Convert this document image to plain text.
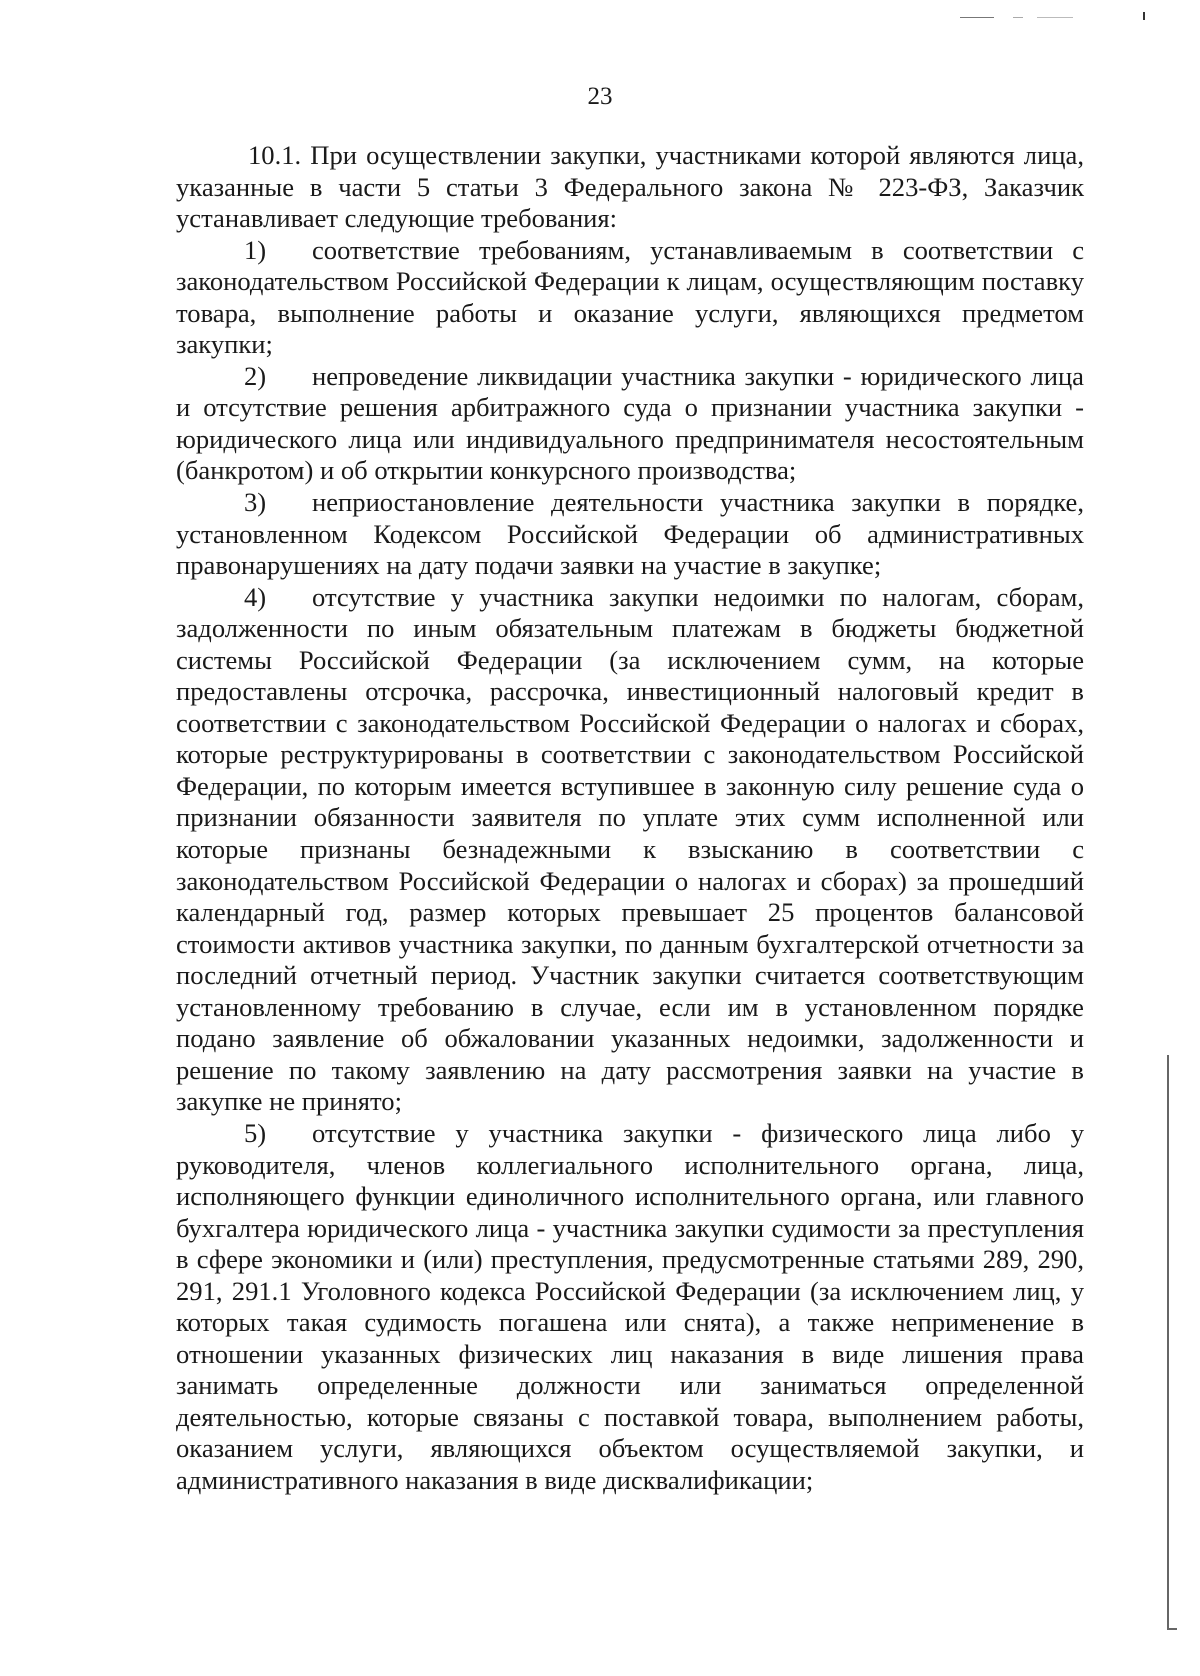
23

10.1. При осуществлении закупки, участниками которой являются лица, указанные в части 5 статьи 3 Федерального закона № 223-ФЗ, Заказчик устанавливает следующие требования:

1) соответствие требованиям, устанавливаемым в соответствии с законодательством Российской Федерации к лицам, осуществляющим поставку товара, выполнение работы и оказание услуги, являющихся предметом закупки;

2) непроведение ликвидации участника закупки - юридического лица и отсутствие решения арбитражного суда о признании участника закупки - юридического лица или индивидуального предпринимателя несостоятельным (банкротом) и об открытии конкурсного производства;

3) неприостановление деятельности участника закупки в порядке, установленном Кодексом Российской Федерации об административных правонарушениях на дату подачи заявки на участие в закупке;

4) отсутствие у участника закупки недоимки по налогам, сборам, задолженности по иным обязательным платежам в бюджеты бюджетной системы Российской Федерации (за исключением сумм, на которые предоставлены отсрочка, рассрочка, инвестиционный налоговый кредит в соответствии с законодательством Российской Федерации о налогах и сборах, которые реструктурированы в соответствии с законодательством Российской Федерации, по которым имеется вступившее в законную силу решение суда о признании обязанности заявителя по уплате этих сумм исполненной или которые признаны безнадежными к взысканию в соответствии с законодательством Российской Федерации о налогах и сборах) за прошедший календарный год, размер которых превышает 25 процентов балансовой стоимости активов участника закупки, по данным бухгалтерской отчетности за последний отчетный период. Участник закупки считается соответствующим установленному требованию в случае, если им в установленном порядке подано заявление об обжаловании указанных недоимки, задолженности и решение по такому заявлению на дату рассмотрения заявки на участие в закупке не принято;

5) отсутствие у участника закупки - физического лица либо у руководителя, членов коллегиального исполнительного органа, лица, исполняющего функции единоличного исполнительного органа, или главного бухгалтера юридического лица - участника закупки судимости за преступления в сфере экономики и (или) преступления, предусмотренные статьями 289, 290, 291, 291.1 Уголовного кодекса Российской Федерации (за исключением лиц, у которых такая судимость погашена или снята), а также неприменение в отношении указанных физических лиц наказания в виде лишения права занимать определенные должности или заниматься определенной деятельностью, которые связаны с поставкой товара, выполнением работы, оказанием услуги, являющихся объектом осуществляемой закупки, и административного наказания в виде дисквалификации;
